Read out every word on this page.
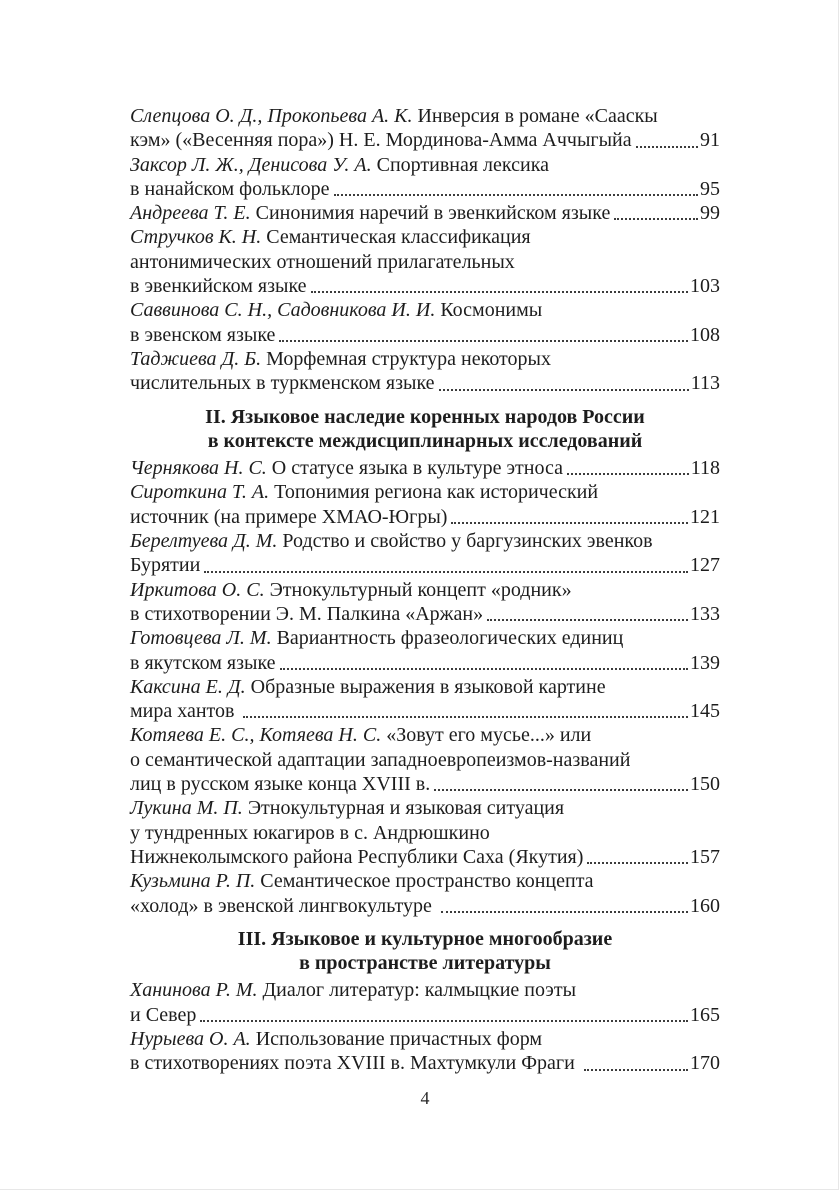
Слепцова О. Д., Прокопьева А. К. Инверсия в романе «Сааскы
кэм» («Весенняя пора») Н. Е. Мординова-Амма Аччыгыйа	91
Заксор Л. Ж., Денисова У. А. Спортивная лексика
в нанайском фольклоре	95
Андреева Т. Е. Синонимия наречий в эвенкийском языке	99
Стручков К. Н. Семантическая классификация
антонимических отношений прилагательных
в эвенкийском языке	103
Саввинова С. Н., Садовникова И. И. Космонимы
в эвенском языке	108
Таджиева Д. Б. Морфемная структура некоторых
числительных в туркменском языке	113
II. Языковое наследие коренных народов России
в контексте междисциплинарных исследований
Чернякова Н. С. О статусе языка в культуре этноса	118
Сироткина Т. А. Топонимия региона как исторический
источник (на примере ХМАО-Югры)	121
Берелтуева Д. М. Родство и свойство у баргузинских эвенков
Бурятии	127
Иркитова О. С. Этнокультурный концепт «родник»
в стихотворении Э. М. Палкина «Аржан»	133
Готовцева Л. М. Вариантность фразеологических единиц
в якутском языке	139
Каксина Е. Д. Образные выражения в языковой картине
мира хантов	145
Котяева Е. С., Котяева Н. С. «Зовут его мусье...» или
о семантической адаптации западноевропеизмов-названий
лиц в русском языке конца XVIII в.	150
Лукина М. П. Этнокультурная и языковая ситуация
у тундренных юкагиров в с. Андрюшкино
Нижнеколымского района Республики Саха (Якутия)	157
Кузьмина Р. П. Семантическое пространство концепта
«холод» в эвенской лингвокультуре	160
III. Языковое и культурное многообразие
в пространстве литературы
Ханинова Р. М. Диалог литератур: калмыцкие поэты
и Север	165
Нурыева О. А. Использование причастных форм
в стихотворениях поэта XVIII в. Махтумкули Фраги	170
4
